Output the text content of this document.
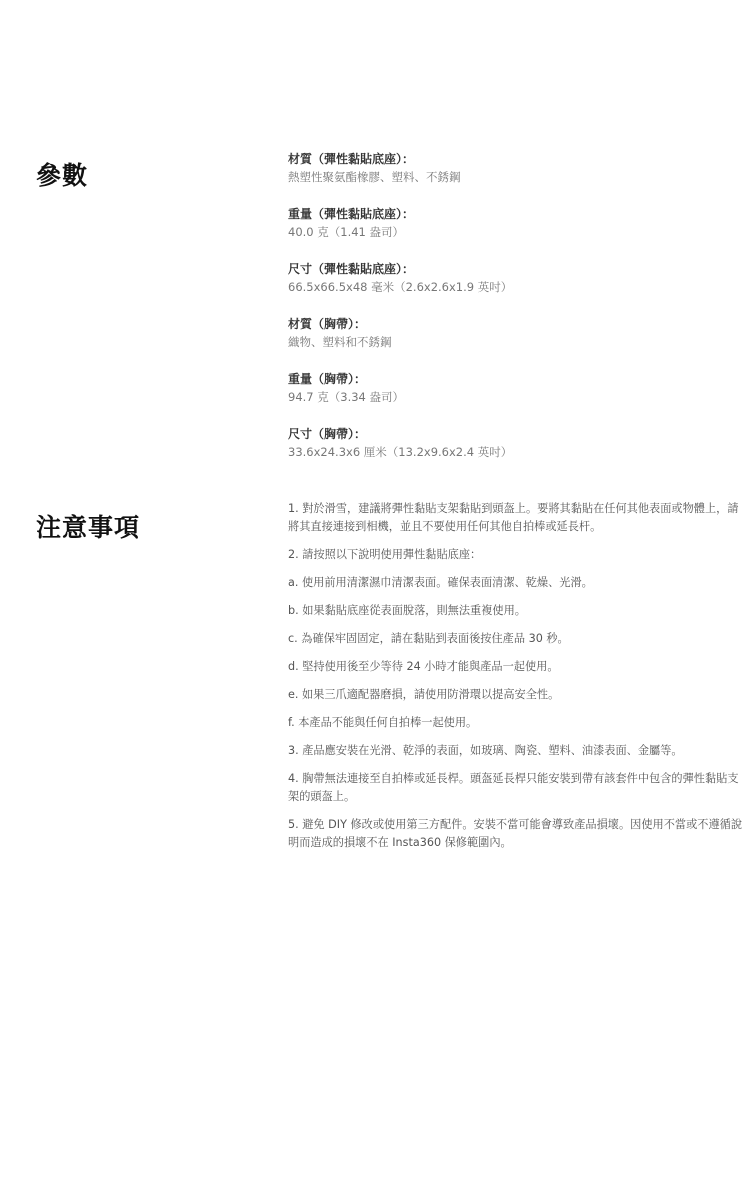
參數
材質（彈性黏貼底座）：
熱塑性聚氨酯橡膠、塑料、不銹鋼
重量（彈性黏貼底座）：
40.0 克（1.41 盎司）
尺寸（彈性黏貼底座）：
66.5x66.5x48 毫米（2.6x2.6x1.9 英吋）
材質（胸帶）：
織物、塑料和不銹鋼
重量（胸帶）：
94.7 克（3.34 盎司）
尺寸（胸帶）：
33.6x24.3x6 厘米（13.2x9.6x2.4 英吋）
注意事項

1. 對於滑雪，建議將彈性黏貼支架黏貼到頭盔上。要將其黏貼在任何其他表面或物體上，請將其直接連接到相機，並且不要使用任何其他自拍棒或延長杆。

2. 請按照以下說明使用彈性黏貼底座：

a. 使用前用清潔濕巾清潔表面。確保表面清潔、乾燥、光滑。

b. 如果黏貼底座從表面脫落，則無法重複使用。

c. 為確保牢固固定，請在黏貼到表面後按住產品 30 秒。

d. 堅持使用後至少等待 24 小時才能與產品一起使用。

e. 如果三爪適配器磨損，請使用防滑環以提高安全性。

f. 本產品不能與任何自拍棒一起使用。

3. 產品應安裝在光滑、乾淨的表面，如玻璃、陶瓷、塑料、油漆表面、金屬等。

4. 胸帶無法連接至自拍棒或延長桿。頭盔延長桿只能安裝到帶有該套件中包含的彈性黏貼支架的頭盔上。

5. 避免 DIY 修改或使用第三方配件。安裝不當可能會導致產品損壞。因使用不當或不遵循說明而造成的損壞不在 Insta360 保修範圍內。
